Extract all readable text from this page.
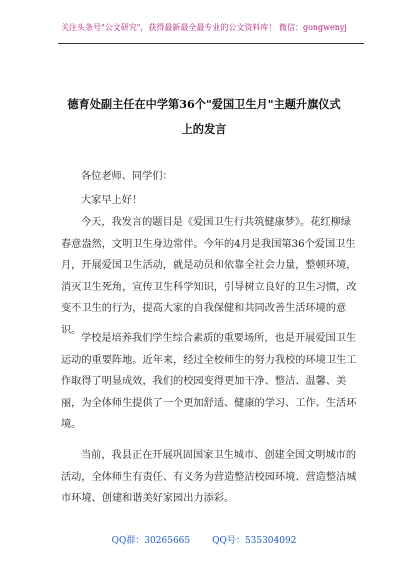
关注头条号"公文研究"，获得最新最全最专业的公文资料库！ 微信：gongwenyj
德育处副主任在中学第36个"爱国卫生月"主题升旗仪式
上的发言
各位老师、同学们：
大家早上好！
今天，我发言的题目是《爱国卫生行共筑健康梦》。花红柳绿春意盎然，文明卫生身边常伴。今年的4月是我国第36个爱国卫生月，开展爱国卫生活动，就是动员和依靠全社会力量，整顿环境，消灭卫生死角，宣传卫生科学知识，引导树立良好的卫生习惯，改变不卫生的行为，提高大家的自我保健和共同改善生活环境的意识。
学校是培养我们学生综合素质的重要场所，也是开展爱国卫生运动的重要阵地。近年来，经过全校师生的努力我校的环境卫生工作取得了明显成效，我们的校园变得更加干净、整洁、温馨、美丽，为全体师生提供了一个更加舒适、健康的学习、工作、生活环境。
当前，我县正在开展巩固国家卫生城市、创建全国文明城市的活动，全体师生有责任、有义务为营造整洁校园环境、营造整洁城市环境、创建和谐美好家园出力添彩。
QQ群：30265665 QQ号：535304092
